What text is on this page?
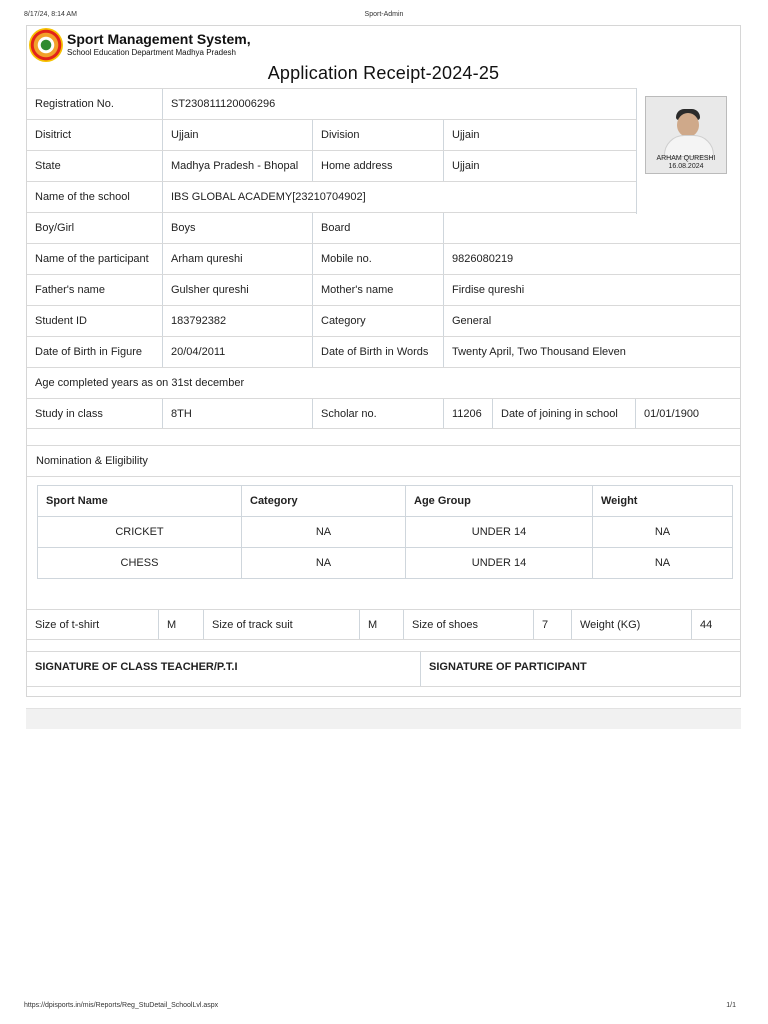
8/17/24, 8:14 AM	Sport-Admin
Sport Management System,
School Education Department Madhya Pradesh
Application Receipt-2024-25
Registration No.	ST230811120006296
Disitrict	Ujjain	Division	Ujjain
State	Madhya Pradesh - Bhopal	Home address	Ujjain
Name of the school	IBS GLOBAL ACADEMY[23210704902]
Boy/Girl	Boys	Board
Name of the participant	Arham qureshi	Mobile no.	9826080219
Father's name	Gulsher qureshi	Mother's name	Firdise qureshi
Student ID	183792382	Category	General
Date of Birth in Figure	20/04/2011	Date of Birth in Words	Twenty April, Two Thousand Eleven
Age completed years as on 31st december
Study in class	8TH	Scholar no.	11206	Date of joining in school	01/01/1900
ARHAM QURESHI
16.08.2024
Nomination & Eligibility
Sport Name	Category	Age Group	Weight
CRICKET	NA	UNDER 14	NA
CHESS	NA	UNDER 14	NA
Size of t-shirt	M	Size of track suit	M	Size of shoes	7	Weight (KG)	44
SIGNATURE OF CLASS TEACHER/P.T.I	SIGNATURE OF PARTICIPANT
https://dpisports.in/mis/Reports/Reg_StuDetail_SchoolLvl.aspx	1/1
